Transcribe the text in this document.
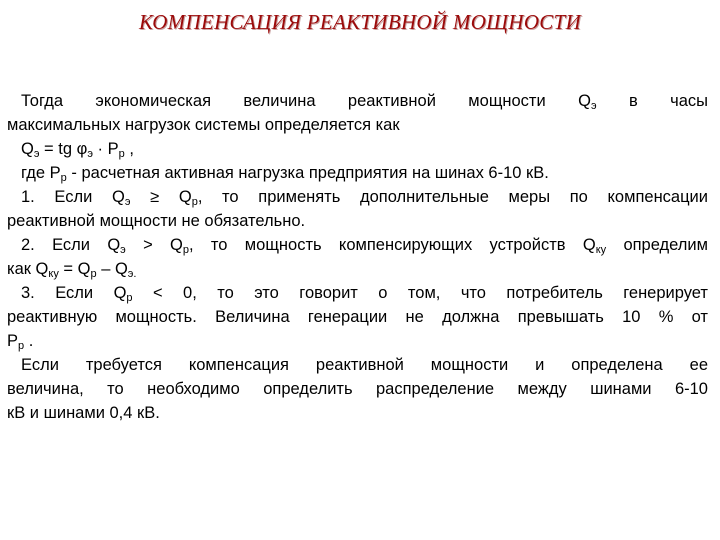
КОМПЕНСАЦИЯ РЕАКТИВНОЙ МОЩНОСТИ
Тогда экономическая величина реактивной мощности $Q_э$ в часы
максимальных нагрузок системы определяется как
$Q_э$ = tg $\varphi_э \cdot P_р$ ,
где $P_р$ - расчетная активная нагрузка предприятия на шинах 6-10 кВ.
1. Если $Q_э \ge Q_р$, то применять дополнительные меры по компенсации
реактивной мощности не обязательно.
2. Если $Q_э > Q_р$, то мощность компенсирующих устройств $Q_{ку}$ определим
как $Q_{ку} = Q_р - Q_{э.}$
3. Если $Q_р < 0$, то это говорит о том, что потребитель генерирует
реактивную мощность. Величина генерации не должна превышать 10 % от
$P_р$ .
Если требуется компенсация реактивной мощности и определена ее
величина, то необходимо определить распределение между шинами 6-10
кВ и шинами 0,4 кВ.
